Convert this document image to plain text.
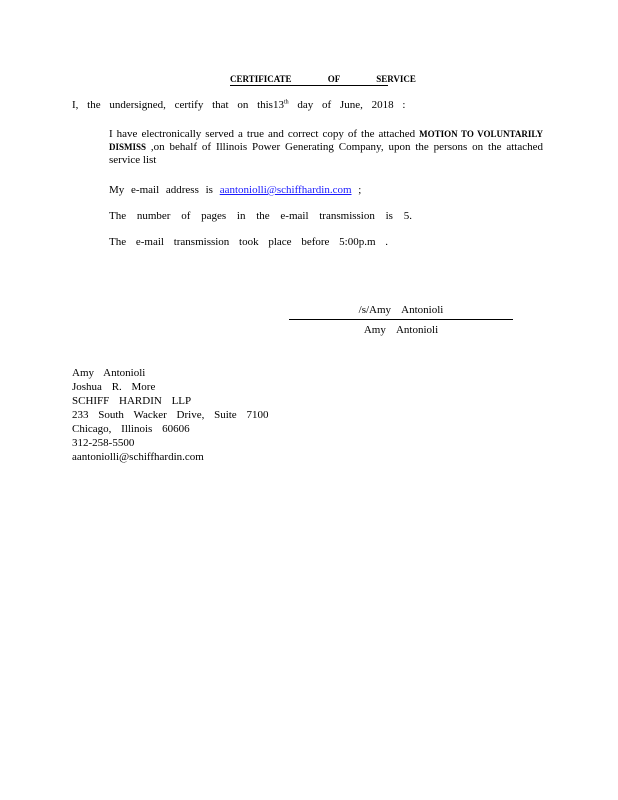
CERTIFICATE OF SERVICE
I, the undersigned, certify that on this13th day of June, 2018 :
I have electronically served a true and correct copy of the attached MOTION TO VOLUNTARILY DISMISS ,on behalf of Illinois Power Generating Company, upon the persons on the attached service list
My e-mail address is aantoniolli@schiffhardin.com ;
The number of pages in the e-mail transmission is 5.
The e-mail transmission took place before 5:00p.m .
/s/Amy Antonioli
Amy Antonioli
Amy Antonioli
Joshua R. More
SCHIFF HARDIN LLP
233 South Wacker Drive, Suite 7100
Chicago, Illinois 60606
312-258-5500
aantoniolli@schiffhardin.com
